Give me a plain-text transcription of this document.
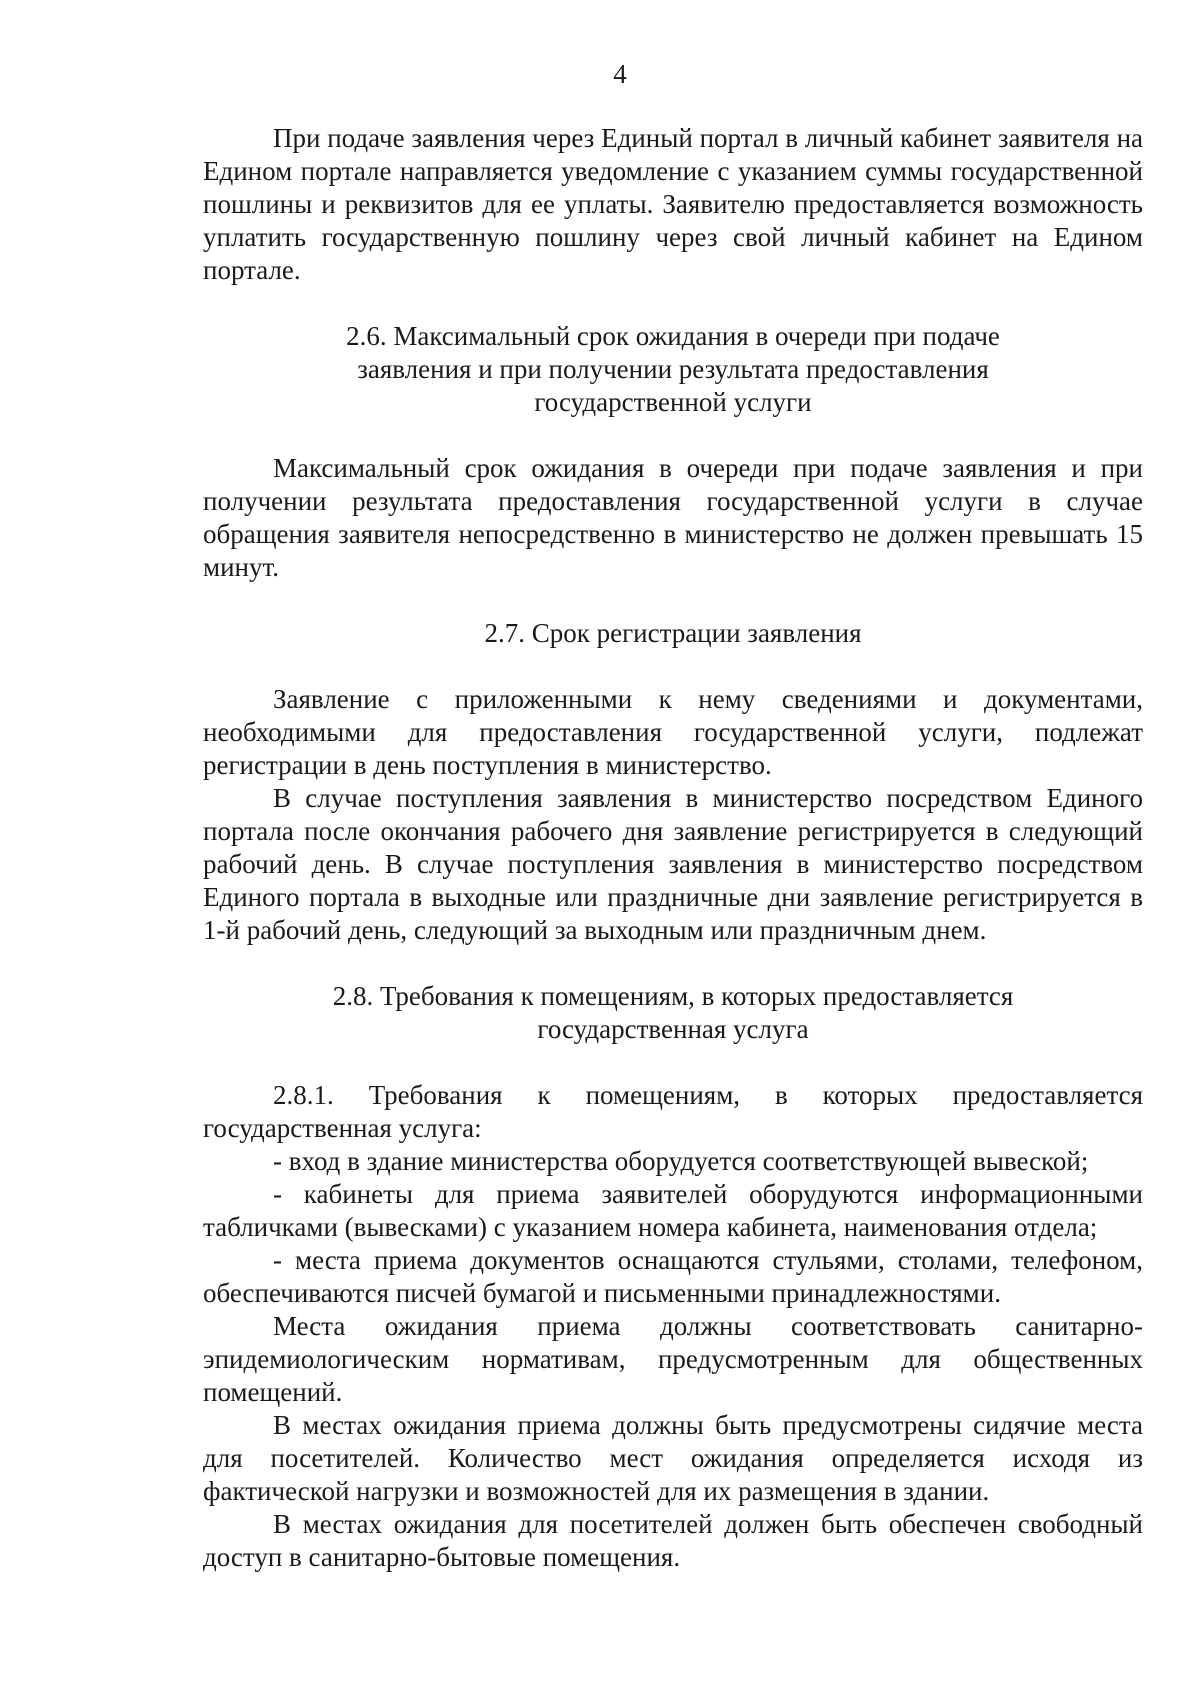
4

При подаче заявления через Единый портал в личный кабинет заявителя на Едином портале направляется уведомление с указанием суммы государственной пошлины и реквизитов для ее уплаты. Заявителю предоставляется возможность уплатить государственную пошлину через свой личный кабинет на Едином портале.

2.6. Максимальный срок ожидания в очереди при подаче
заявления и при получении результата предоставления
государственной услуги

Максимальный срок ожидания в очереди при подаче заявления и при получении результата предоставления государственной услуги в случае обращения заявителя непосредственно в министерство не должен превышать 15 минут.

2.7. Срок регистрации заявления

Заявление с приложенными к нему сведениями и документами, необходимыми для предоставления государственной услуги, подлежат регистрации в день поступления в министерство.

В случае поступления заявления в министерство посредством Единого портала после окончания рабочего дня заявление регистрируется в следующий рабочий день. В случае поступления заявления в министерство посредством Единого портала в выходные или праздничные дни заявление регистрируется в 1-й рабочий день, следующий за выходным или праздничным днем.

2.8. Требования к помещениям, в которых предоставляется
государственная услуга

2.8.1. Требования к помещениям, в которых предоставляется государственная услуга:

- вход в здание министерства оборудуется соответствующей вывеской;

- кабинеты для приема заявителей оборудуются информационными табличками (вывесками) с указанием номера кабинета, наименования отдела;

- места приема документов оснащаются стульями, столами, телефоном, обеспечиваются писчей бумагой и письменными принадлежностями.

Места ожидания приема должны соответствовать санитарно-эпидемиологическим нормативам, предусмотренным для общественных помещений.

В местах ожидания приема должны быть предусмотрены сидячие места для посетителей. Количество мест ожидания определяется исходя из фактической нагрузки и возможностей для их размещения в здании.

В местах ожидания для посетителей должен быть обеспечен свободный доступ в санитарно-бытовые помещения.
